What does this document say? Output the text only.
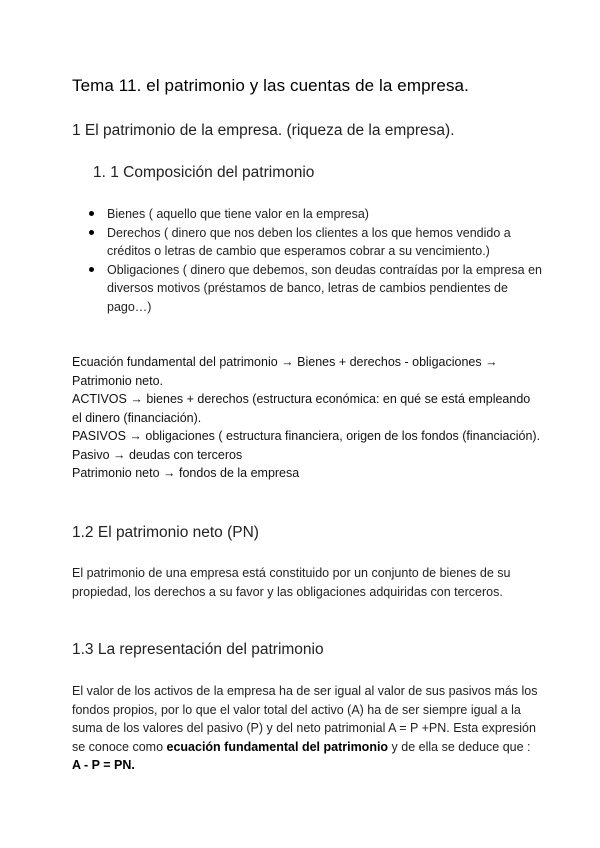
Tema 11. el patrimonio y las cuentas de la empresa.
1 El patrimonio de la empresa. (riqueza de la empresa).
1. 1 Composición del patrimonio
Bienes ( aquello que tiene valor en la empresa)
Derechos ( dinero que nos deben los clientes a los que hemos vendido a créditos o letras de cambio que esperamos cobrar a su vencimiento.)
Obligaciones ( dinero que debemos, son deudas contraídas por la empresa en diversos motivos (préstamos de banco, letras de cambios pendientes de pago…)

Ecuación fundamental del patrimonio → Bienes + derechos - obligaciones → Patrimonio neto.

ACTIVOS → bienes + derechos (estructura económica: en qué se está empleando el dinero (financiación).

PASIVOS → obligaciones ( estructura financiera, origen de los fondos (financiación).

Pasivo → deudas con terceros

Patrimonio neto → fondos de la empresa

1.2 El patrimonio neto (PN)

El patrimonio de una empresa está constituido por un conjunto de bienes de su propiedad, los derechos a su favor y las obligaciones adquiridas con terceros.

1.3 La representación del patrimonio

El valor de los activos de la empresa ha de ser igual al valor de sus pasivos más los fondos propios, por lo que el valor total del activo (A) ha de ser siempre igual a la suma de los valores del pasivo (P) y del neto patrimonial A = P +PN. Esta expresión se conoce como ecuación fundamental del patrimonio y de ella se deduce que : A - P = PN.
